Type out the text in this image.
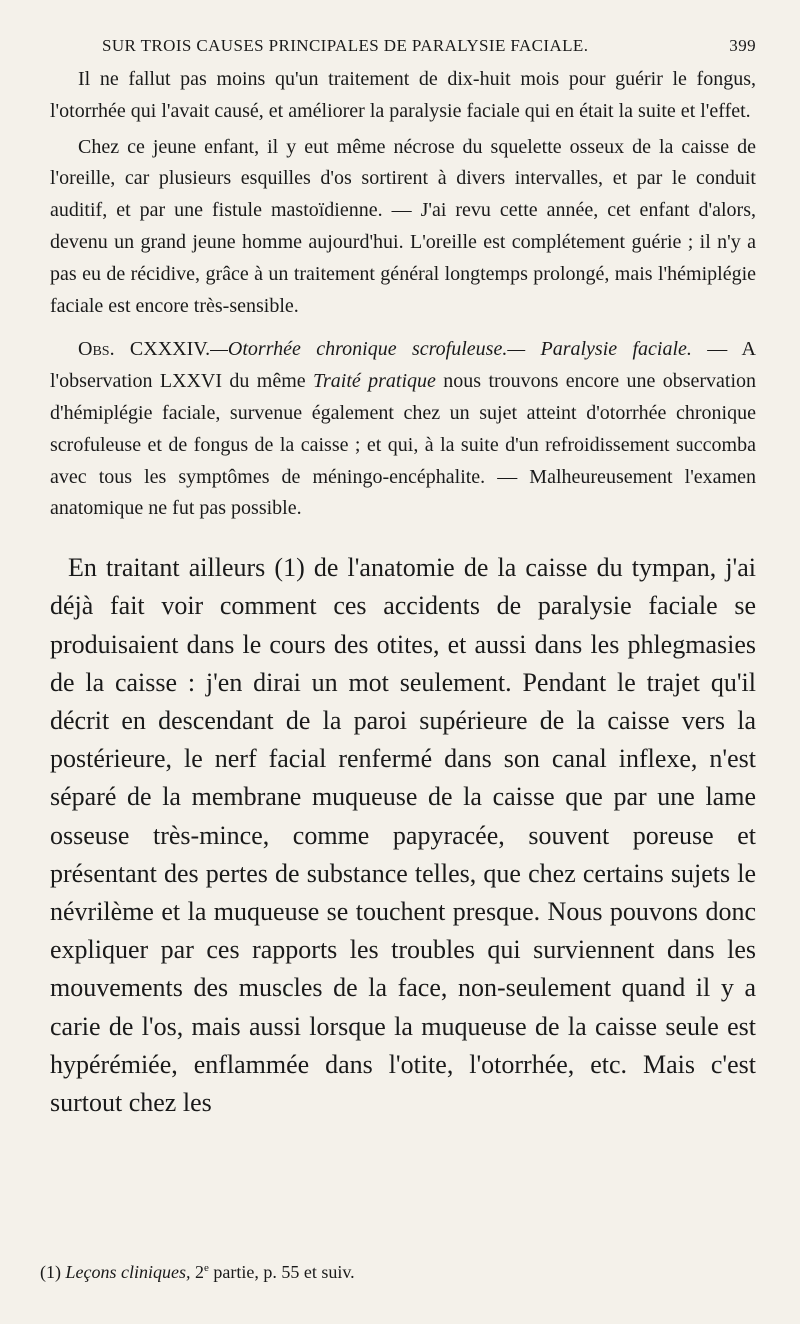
SUR TROIS CAUSES PRINCIPALES DE PARALYSIE FACIALE.	399

Il ne fallut pas moins qu'un traitement de dix-huit mois pour guérir le fongus, l'otorrhée qui l'avait causé, et améliorer la paralysie faciale qui en était la suite et l'effet.

Chez ce jeune enfant, il y eut même nécrose du squelette osseux de la caisse de l'oreille, car plusieurs esquilles d'os sortirent à divers intervalles, et par le conduit auditif, et par une fistule mastoïdienne. — J'ai revu cette année, cet enfant d'alors, devenu un grand jeune homme aujourd'hui. L'oreille est complétement guérie ; il n'y a pas eu de récidive, grâce à un traitement général longtemps prolongé, mais l'hémiplégie faciale est encore très-sensible.

Obs. CXXXIV.—Otorrhée chronique scrofuleuse.— Paralysie faciale. — A l'observation LXXVI du même Traité pratique nous trouvons encore une observation d'hémiplégie faciale, survenue également chez un sujet atteint d'otorrhée chronique scrofuleuse et de fongus de la caisse ; et qui, à la suite d'un refroidissement succomba avec tous les symptômes de méningo-encéphalite. — Malheureusement l'examen anatomique ne fut pas possible.

En traitant ailleurs (1) de l'anatomie de la caisse du tympan, j'ai déjà fait voir comment ces accidents de paralysie faciale se produisaient dans le cours des otites, et aussi dans les phlegmasies de la caisse : j'en dirai un mot seulement. Pendant le trajet qu'il décrit en descendant de la paroi supérieure de la caisse vers la postérieure, le nerf facial renfermé dans son canal inflexe, n'est séparé de la membrane muqueuse de la caisse que par une lame osseuse très-mince, comme papyracée, souvent poreuse et présentant des pertes de substance telles, que chez certains sujets le névrilème et la muqueuse se touchent presque. Nous pouvons donc expliquer par ces rapports les troubles qui surviennent dans les mouvements des muscles de la face, non-seulement quand il y a carie de l'os, mais aussi lorsque la muqueuse de la caisse seule est hypérémiée, enflammée dans l'otite, l'otorrhée, etc. Mais c'est surtout chez les

(1) Leçons cliniques, 2e partie, p. 55 et suiv.
